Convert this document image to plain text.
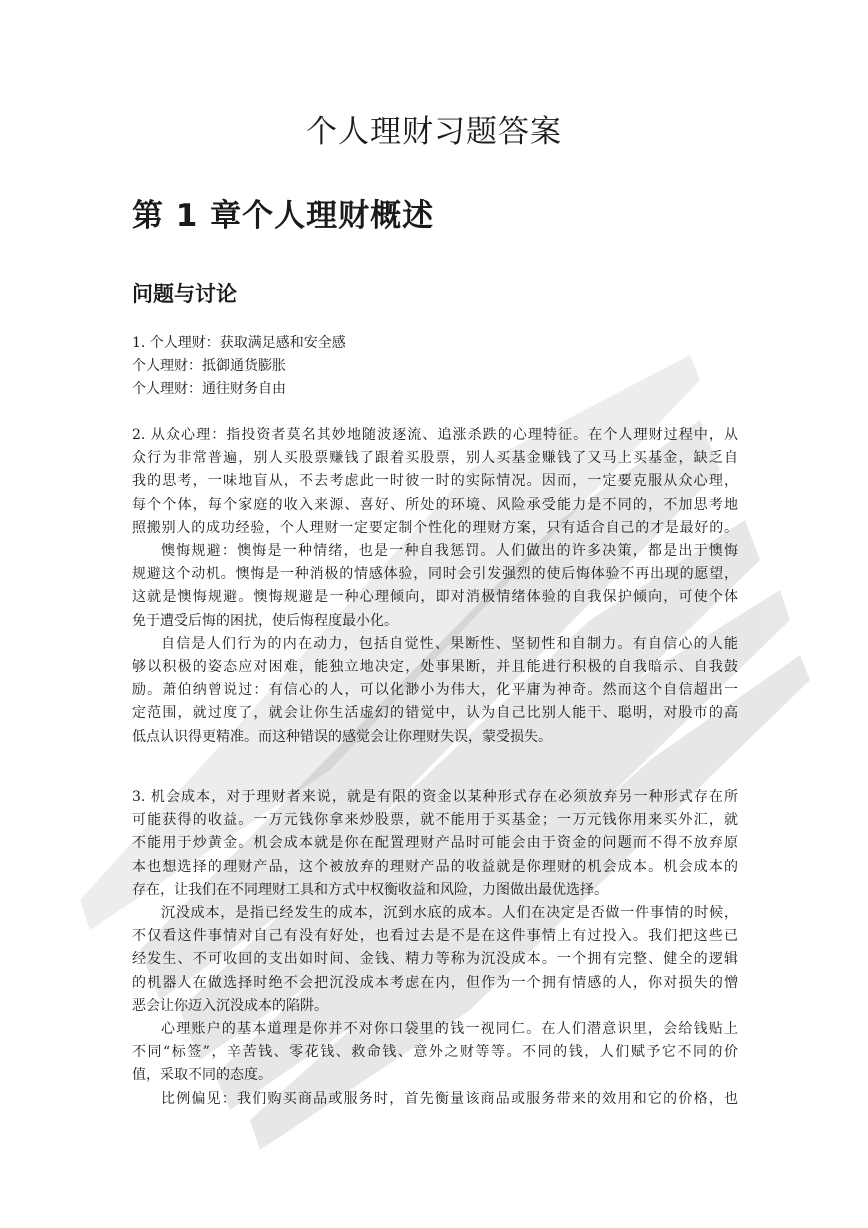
个人理财习题答案
第 1 章个人理财概述
问题与讨论
1. 个人理财：获取满足感和安全感
个人理财：抵御通货膨胀
个人理财：通往财务自由
2. 从众心理：指投资者莫名其妙地随波逐流、追涨杀跌的心理特征。在个人理财过程中，从
众行为非常普遍，别人买股票赚钱了跟着买股票，别人买基金赚钱了又马上买基金，缺乏自
我的思考，一味地盲从，不去考虑此一时彼一时的实际情况。因而，一定要克服从众心理，
每个个体，每个家庭的收入来源、喜好、所处的环境、风险承受能力是不同的，不加思考地
照搬别人的成功经验，个人理财一定要定制个性化的理财方案，只有适合自己的才是最好的。
懊悔规避：懊悔是一种情绪，也是一种自我惩罚。人们做出的许多决策，都是出于懊悔
规避这个动机。懊悔是一种消极的情感体验，同时会引发强烈的使后悔体验不再出现的愿望，
这就是懊悔规避。懊悔规避是一种心理倾向，即对消极情绪体验的自我保护倾向，可使个体
免于遭受后悔的困扰，使后悔程度最小化。
自信是人们行为的内在动力，包括自觉性、果断性、坚韧性和自制力。有自信心的人能
够以积极的姿态应对困难，能独立地决定，处事果断，并且能进行积极的自我暗示、自我鼓
励。萧伯纳曾说过：有信心的人，可以化渺小为伟大，化平庸为神奇。然而这个自信超出一
定范围，就过度了，就会让你生活虚幻的错觉中，认为自己比别人能干、聪明，对股市的高
低点认识得更精准。而这种错误的感觉会让你理财失误，蒙受损失。
3. 机会成本，对于理财者来说，就是有限的资金以某种形式存在必须放弃另一种形式存在所
可能获得的收益。一万元钱你拿来炒股票，就不能用于买基金；一万元钱你用来买外汇，就
不能用于炒黄金。机会成本就是你在配置理财产品时可能会由于资金的问题而不得不放弃原
本也想选择的理财产品，这个被放弃的理财产品的收益就是你理财的机会成本。机会成本的
存在，让我们在不同理财工具和方式中权衡收益和风险，力图做出最优选择。
沉没成本，是指已经发生的成本，沉到水底的成本。人们在决定是否做一件事情的时候，
不仅看这件事情对自己有没有好处，也看过去是不是在这件事情上有过投入。我们把这些已
经发生、不可收回的支出如时间、金钱、精力等称为沉没成本。一个拥有完整、健全的逻辑
的机器人在做选择时绝不会把沉没成本考虑在内，但作为一个拥有情感的人，你对损失的憎
恶会让你迈入沉没成本的陷阱。
心理账户的基本道理是你并不对你口袋里的钱一视同仁。在人们潜意识里，会给钱贴上
不同“标签”，辛苦钱、零花钱、救命钱、意外之财等等。不同的钱，人们赋予它不同的价
值，采取不同的态度。
比例偏见：我们购买商品或服务时，首先衡量该商品或服务带来的效用和它的价格，也
